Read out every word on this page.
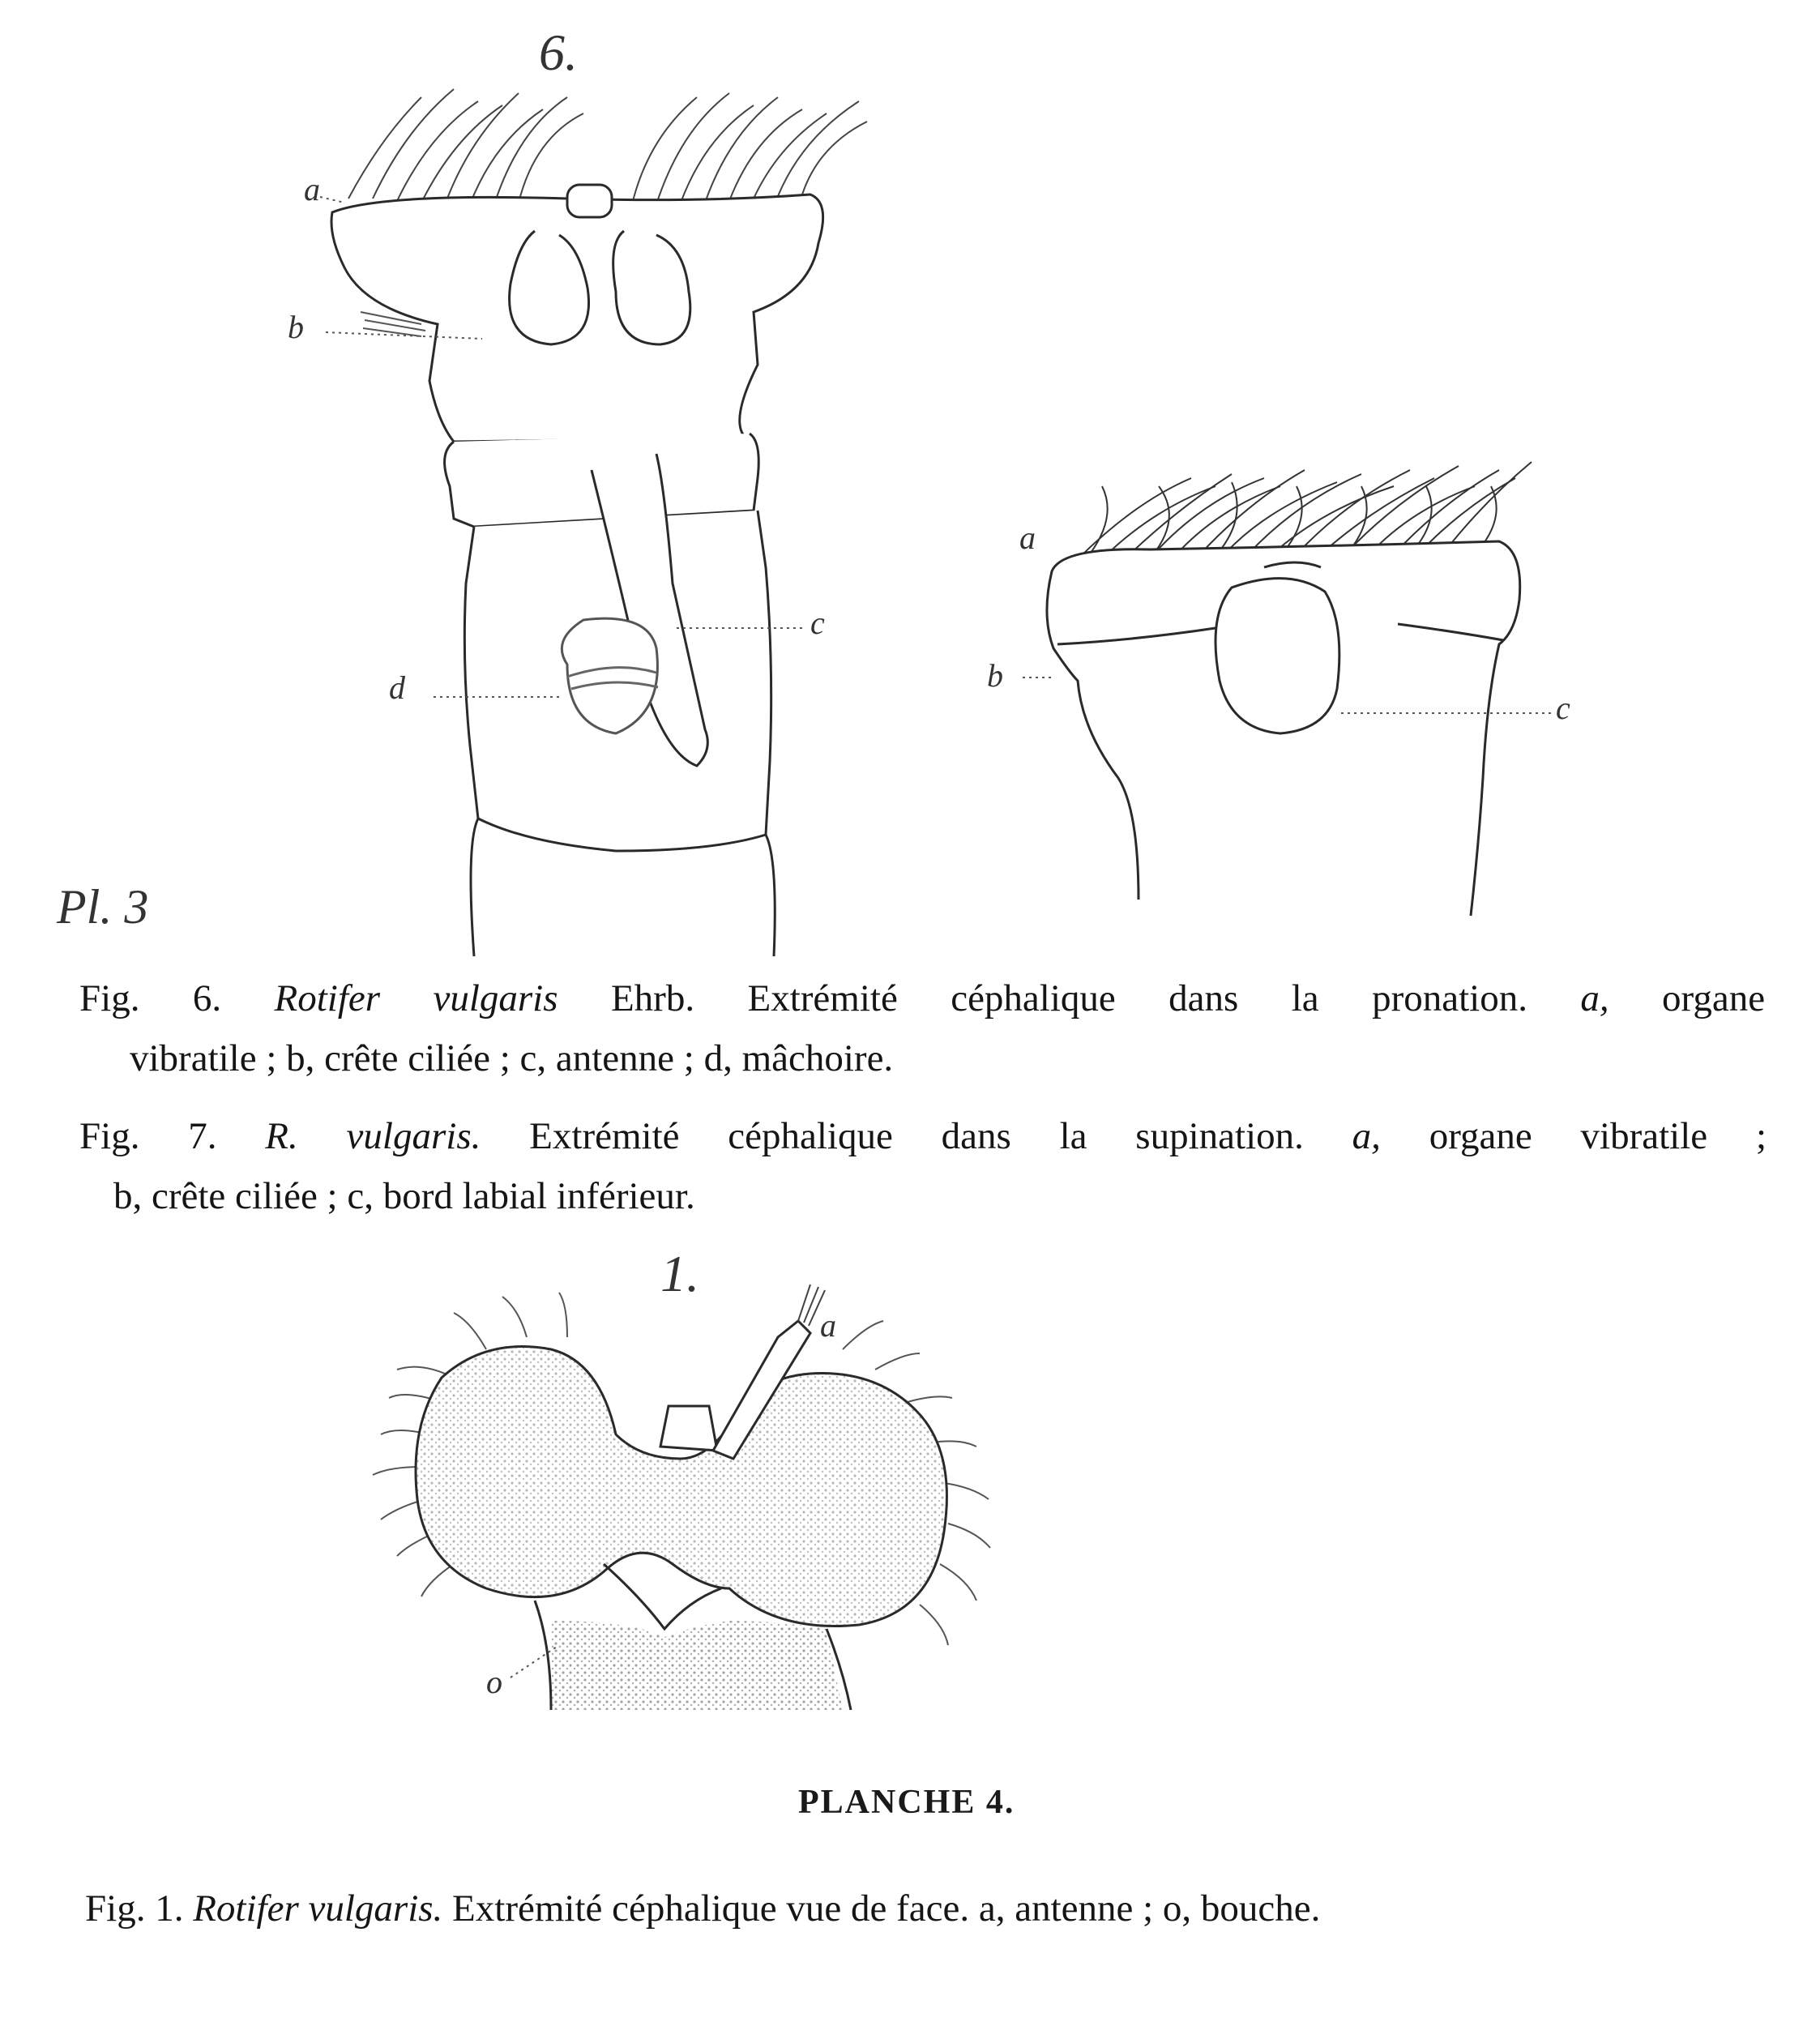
6.
a
b
c
d
a
b
c
Pl. 3
Fig. 6. Rotifer vulgaris Ehrb. Extrémité céphalique dans la pronation. a, organe
vibratile ; b, crête ciliée ; c, antenne ; d, mâchoire.
Fig. 7. R. vulgaris. Extrémité céphalique dans la supination. a, organe vibratile ;
b, crête ciliée ; c, bord labial inférieur.
1.
a
o
PLANCHE 4.
Fig. 1. Rotifer vulgaris. Extrémité céphalique vue de face. a, antenne ; o, bouche.
